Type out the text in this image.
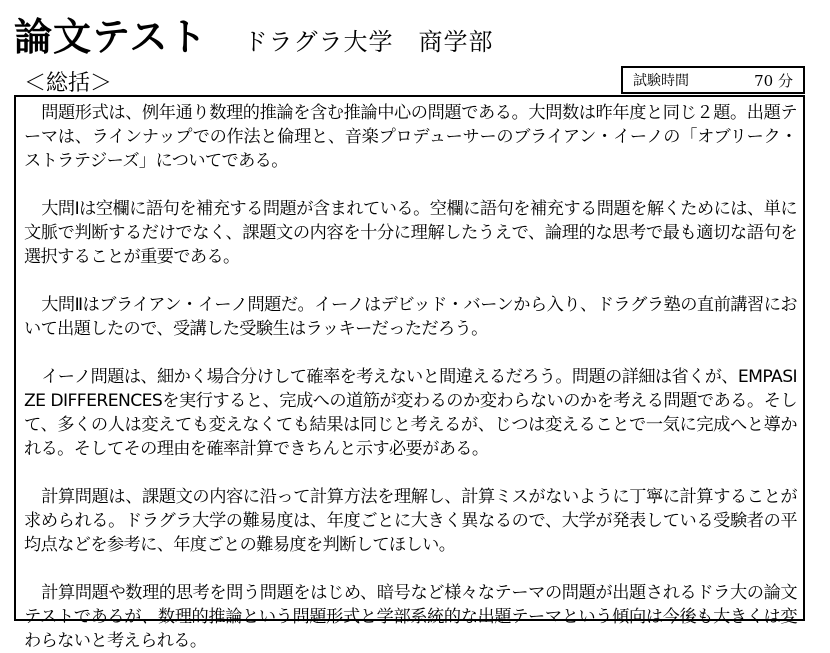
論文テスト ドラグラ大学　商学部
＜総括＞	試験時間	70 分

問題形式は、例年通り数理的推論を含む推論中心の問題である。大問数は昨年度と同じ２題。出題テーマは、ラインナップでの作法と倫理と、音楽プロデューサーのブライアン・イーノの「オブリーク・ストラテジーズ」についてである。

大問Ⅰは空欄に語句を補充する問題が含まれている。空欄に語句を補充する問題を解くためには、単に文脈で判断するだけでなく、課題文の内容を十分に理解したうえで、論理的な思考で最も適切な語句を選択することが重要である。

大問Ⅱはブライアン・イーノ問題だ。イーノはデビッド・バーンから入り、ドラグラ塾の直前講習において出題したので、受講した受験生はラッキーだっただろう。

イーノ問題は、細かく場合分けして確率を考えないと間違えるだろう。問題の詳細は省くが、EMPASIZE DIFFERENCESを実行すると、完成への道筋が変わるのか変わらないのかを考える問題である。そして、多くの人は変えても変えなくても結果は同じと考えるが、じつは変えることで一気に完成へと導かれる。そしてその理由を確率計算できちんと示す必要がある。

計算問題は、課題文の内容に沿って計算方法を理解し、計算ミスがないように丁寧に計算することが求められる。ドラグラ大学の難易度は、年度ごとに大きく異なるので、大学が発表している受験者の平均点などを参考に、年度ごとの難易度を判断してほしい。

計算問題や数理的思考を問う問題をはじめ、暗号など様々なテーマの問題が出題されるドラ大の論文テストであるが、数理的推論という問題形式と学部系統的な出題テーマという傾向は今後も大きくは変わらないと考えられる。
